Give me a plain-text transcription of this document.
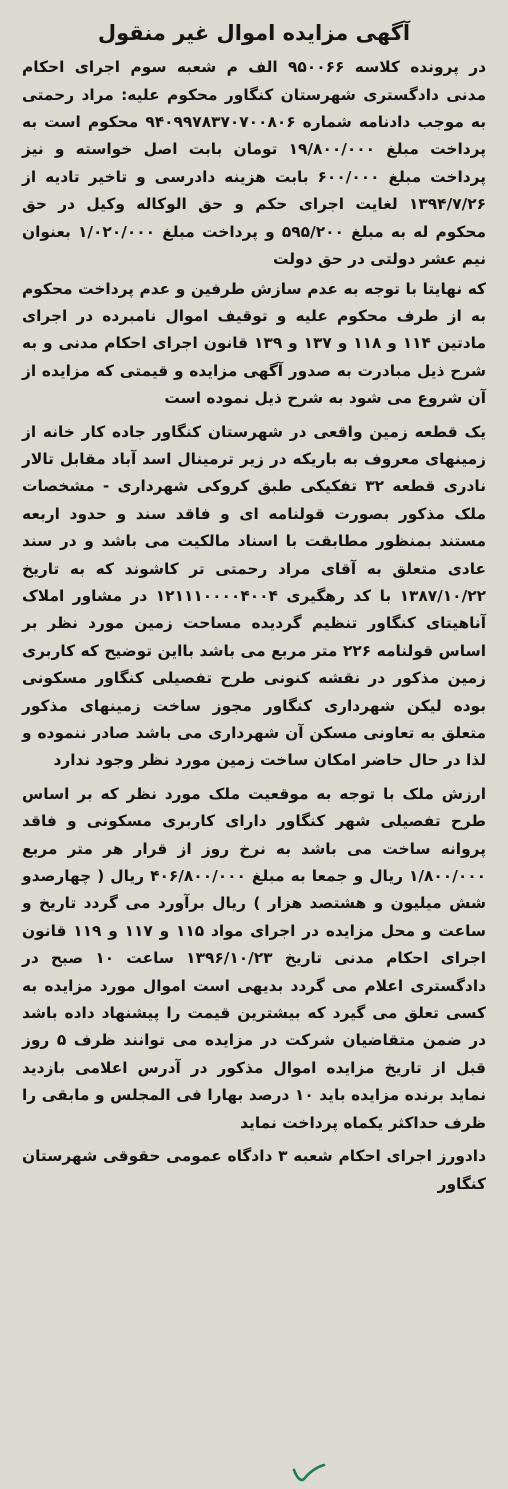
آگهی مزایده اموال غیر منقول

در پرونده کلاسه ۹۵۰۰۶۶ الف م شعبه سوم اجرای احکام مدنی دادگستری شهرستان کنگاور محکوم علیه: مراد رحمتی به موجب دادنامه شماره ۹۴۰۹۹۷۸۳۷۰۷۰۰۸۰۶ محکوم است به پرداخت مبلغ ۱۹/۸۰۰/۰۰۰ تومان بابت اصل خواسته و نیز پرداخت مبلغ ۶۰۰/۰۰۰ بابت هزینه دادرسی و تاخیر تادیه از ۱۳۹۴/۷/۲۶ لغایت اجرای حکم و حق الوکاله وکیل در حق محکوم له به مبلغ ۵۹۵/۲۰۰ و پرداخت مبلغ ۱/۰۲۰/۰۰۰ بعنوان نیم عشر دولتی در حق دولت

که نهایتا با توجه به عدم سازش طرفین و عدم پرداخت محکوم به از طرف محکوم علیه و توقیف اموال نامبرده در اجرای مادتین ۱۱۴ و ۱۱۸ و ۱۳۷ و ۱۳۹ قانون اجرای احکام مدنی و به شرح ذیل مبادرت به صدور آگهی مزایده و قیمتی که مزایده از آن شروع می شود به شرح ذیل نموده است

یک قطعه زمین واقعی در شهرستان کنگاور جاده کار خانه از زمینهای معروف به باریکه در زیر ترمینال اسد آباد مقابل تالار نادری قطعه ۳۲ تفکیکی طبق کروکی شهرداری - مشخصات ملک مذکور بصورت قولنامه ای و فاقد سند و حدود اربعه مستند بمنظور مطابقت با اسناد مالکیت می باشد و در سند عادی متعلق به آقای مراد رحمتی تر کاشوند که به تاریخ ۱۳۸۷/۱۰/۲۲ با کد رهگیری ۱۲۱۱۱۰۰۰۰۴۰۰۴ در مشاور املاک آناهیتای کنگاور تنظیم گردیده مساحت زمین مورد نظر بر اساس قولنامه ۲۲۶ متر مربع می باشد بااین توضیح که کاربری زمین مذکور در نقشه کنونی طرح تفصیلی کنگاور مسکونی بوده لیکن شهرداری کنگاور مجوز ساخت زمینهای مذکور متعلق به تعاونی مسکن آن شهرداری می باشد صادر ننموده و لذا در حال حاضر امکان ساخت زمین مورد نظر وجود ندارد

ارزش ملک با توجه به موقعیت ملک مورد نظر که بر اساس طرح تفصیلی شهر کنگاور دارای کاربری مسکونی و فاقد پروانه ساخت می باشد به نرخ روز از قرار هر متر مربع ۱/۸۰۰/۰۰۰ ریال و جمعا به مبلغ ۴۰۶/۸۰۰/۰۰۰ ریال ( چهارصدو شش میلیون و هشتصد هزار ) ریال برآورد می گردد تاریخ و ساعت و محل مزایده در اجرای مواد ۱۱۵ و ۱۱۷ و ۱۱۹ قانون اجرای احکام مدنی تاریخ ۱۳۹۶/۱۰/۲۳ ساعت ۱۰ صبح در دادگستری اعلام می گردد بدیهی است اموال مورد مزایده به کسی تعلق می گیرد که بیشترین قیمت را پیشنهاد داده باشد در ضمن متقاضیان شرکت در مزایده می توانند ظرف ۵ روز قبل از تاریخ مزایده اموال مذکور در آدرس اعلامی بازدید نماید برنده مزایده باید ۱۰ درصد بهارا فی المجلس و مابقی را ظرف حداکثر یکماه پرداخت نماید

دادورز اجرای احکام شعبه ۳ دادگاه عمومی حقوقی شهرستان کنگاور
